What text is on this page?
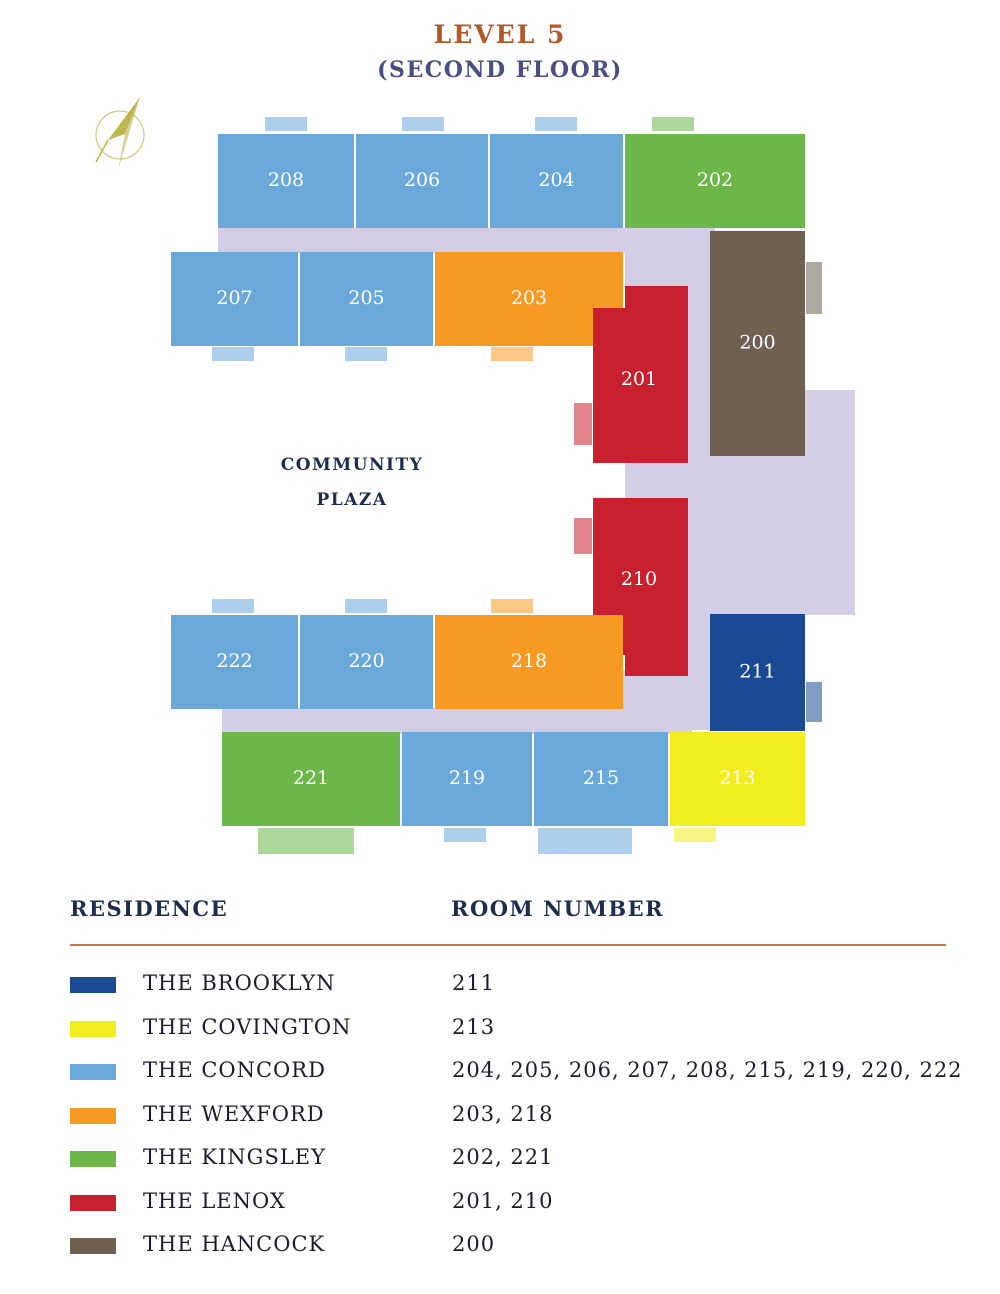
LEVEL 5
(SECOND FLOOR)
208	206	204	202
207	205	203
201
200
210
222	220	218	211
221	219	215	213
COMMUNITY
PLAZA
RESIDENCE	ROOM NUMBER
THE BROOKLYN	211
THE COVINGTON	213
THE CONCORD	204, 205, 206, 207, 208, 215, 219, 220, 222
THE WEXFORD	203, 218
THE KINGSLEY	202, 221
THE LENOX	201, 210
THE HANCOCK	200
